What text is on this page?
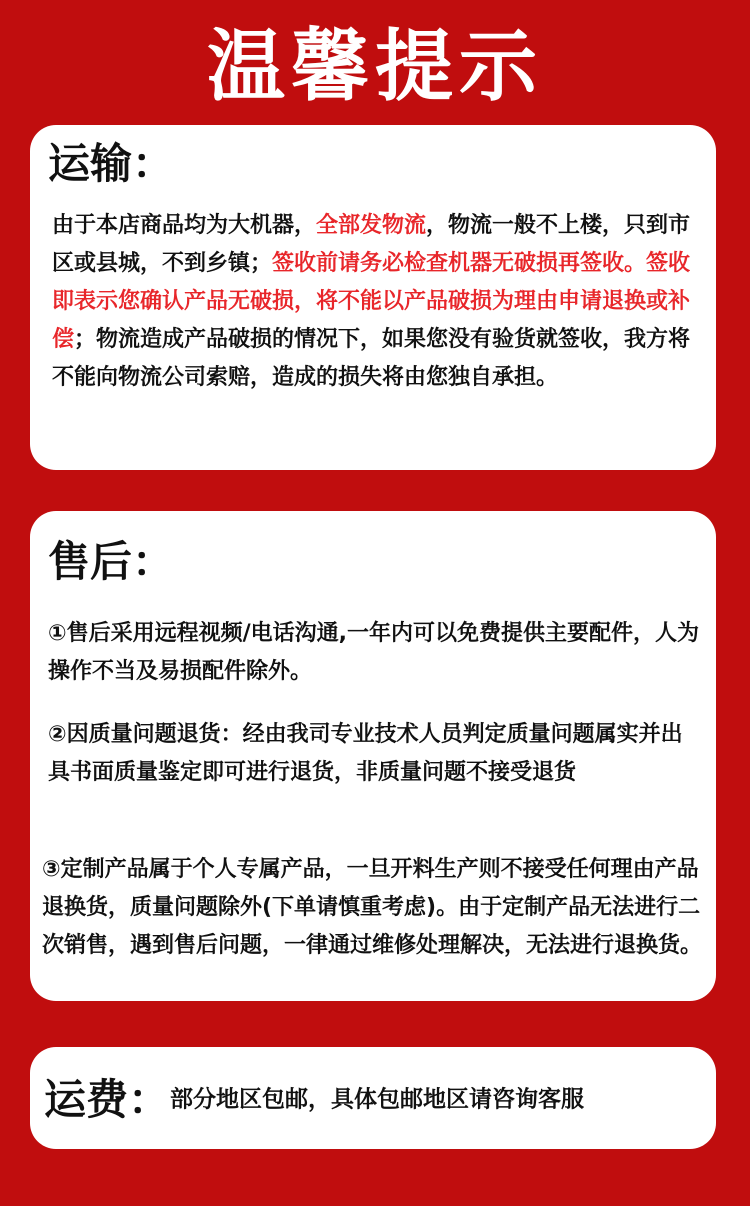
温馨提示
运输：
由于本店商品均为大机器，全部发物流，物流一般不上楼，只到市区或县城，不到乡镇；签收前请务必检查机器无破损再签收。签收即表示您确认产品无破损，将不能以产品破损为理由申请退换或补偿；物流造成产品破损的情况下，如果您没有验货就签收，我方将不能向物流公司索赔，造成的损失将由您独自承担。
售后：
①售后采用远程视频/电话沟通,一年内可以免费提供主要配件，人为操作不当及易损配件除外。
②因质量问题退货：经由我司专业技术人员判定质量问题属实并出具书面质量鉴定即可进行退货，非质量问题不接受退货
③定制产品属于个人专属产品，一旦开料生产则不接受任何理由产品退换货，质量问题除外(下单请慎重考虑)。由于定制产品无法进行二次销售，遇到售后问题，一律通过维修处理解决，无法进行退换货。
运费：部分地区包邮，具体包邮地区请咨询客服
